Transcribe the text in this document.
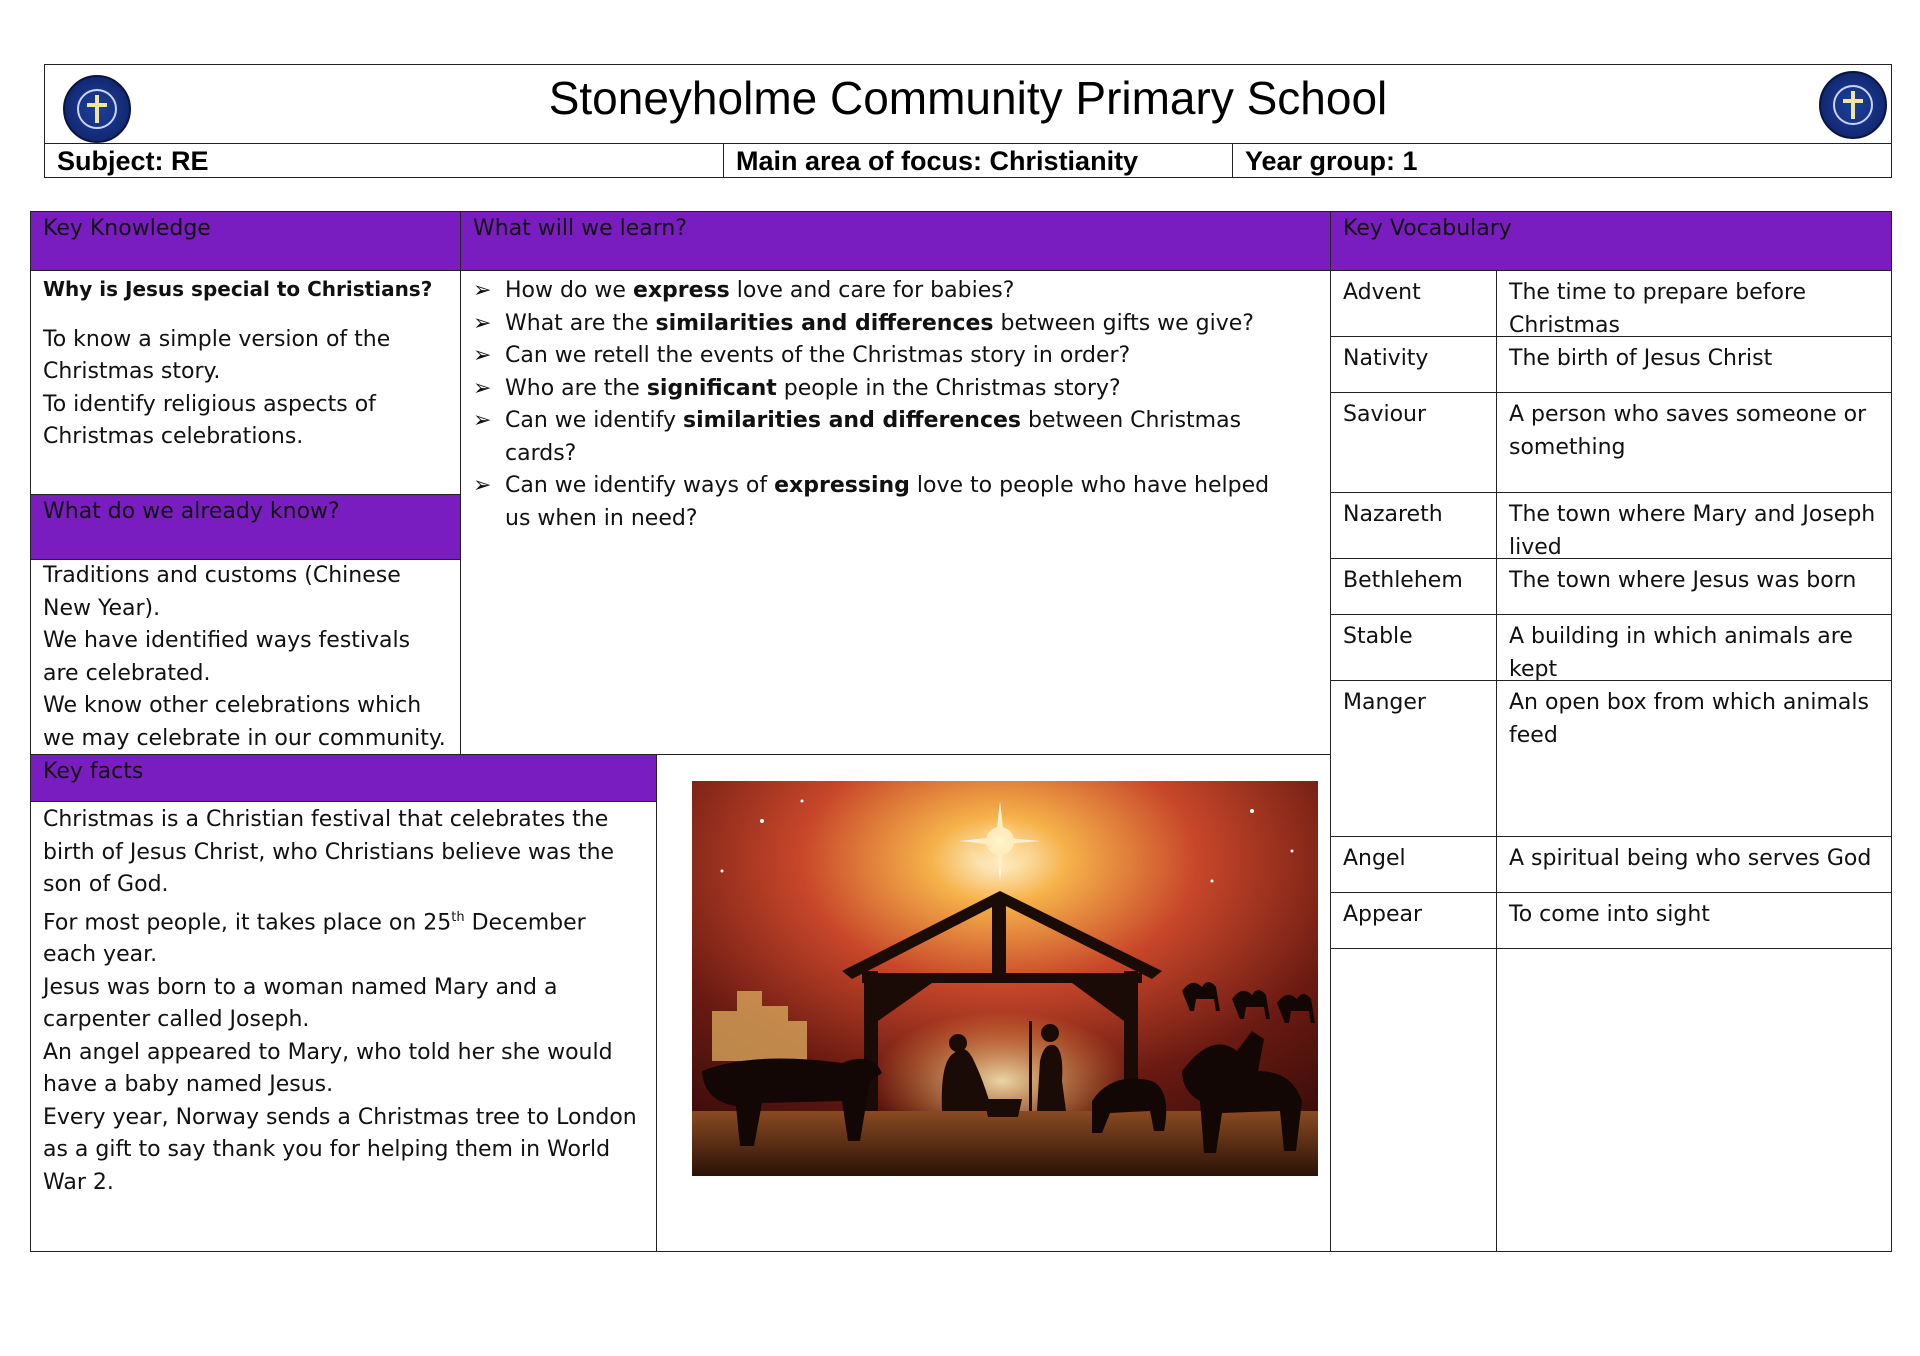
Stoneyholme Community Primary School
Subject: RE	Main area of focus: Christianity	Year group: 1
Key Knowledge

Why is Jesus special to Christians?

To know a simple version of the Christmas story.

To identify religious aspects of Christmas celebrations.

What do we already know?

Traditions and customs (Chinese New Year).

We have identified ways festivals are celebrated.

We know other celebrations which we may celebrate in our community.

What will we learn?
➢ How do we express love and care for babies?
➢ What are the similarities and differences between gifts we give?
➢ Can we retell the events of the Christmas story in order?
➢ Who are the significant people in the Christmas story?
➢ Can we identify similarities and differences between Christmas cards?
➢ Can we identify ways of expressing love to people who have helped us when in need?
Key facts

Christmas is a Christian festival that celebrates the birth of Jesus Christ, who Christians believe was the son of God.

For most people, it takes place on 25th December each year.

Jesus was born to a woman named Mary and a carpenter called Joseph.

An angel appeared to Mary, who told her she would have a baby named Jesus.

Every year, Norway sends a Christmas tree to London as a gift to say thank you for helping them in World War 2.

Key Vocabulary
Advent	The time to prepare before Christmas
Nativity	The birth of Jesus Christ
Saviour	A person who saves someone or something
Nazareth	The town where Mary and Joseph lived
Bethlehem The town where Jesus was born
Stable	A building in which animals are kept
Manger	An open box from which animals feed
Angel	A spiritual being who serves God
Appear	To come into sight
